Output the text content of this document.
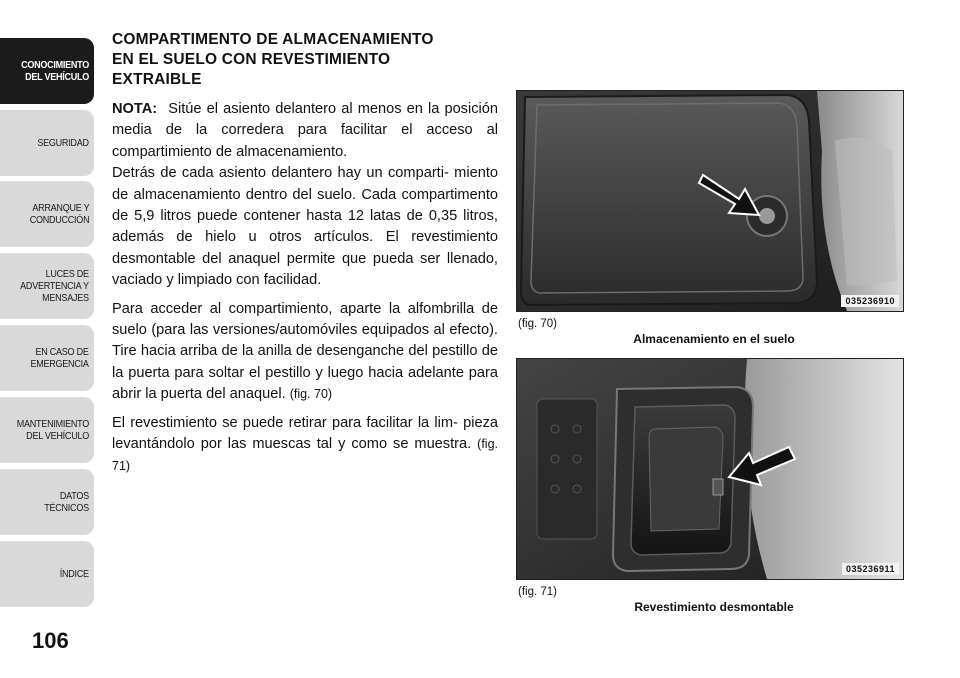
CONOCIMIENTO
DEL VEHÍCULO
SEGURIDAD
ARRANQUE Y
CONDUCCIÓN
LUCES DE
ADVERTENCIA Y
MENSAJES
EN CASO DE
EMERGENCIA
MANTENIMIENTO
DEL VEHÍCULO
DATOS
TÉCNICOS
ÍNDICE
106
COMPARTIMENTO DE ALMACENAMIENTO
EN EL SUELO CON REVESTIMIENTO
EXTRAIBLE

NOTA: Sitúe el asiento delantero al menos en la posición media de la corredera para facilitar el acceso al compartimiento de almacenamiento.

Detrás de cada asiento delantero hay un comparti- miento de almacenamiento dentro del suelo. Cada compartimento de 5,9 litros puede contener hasta 12 latas de 0,35 litros, además de hielo u otros artículos. El revestimiento desmontable del anaquel permite que pueda ser llenado, vaciado y limpiado con facilidad.

Para acceder al compartimiento, aparte la alfombrilla de suelo (para las versiones/automóviles equipados al efecto). Tire hacia arriba de la anilla de desenganche del pestillo de la puerta para soltar el pestillo y luego hacia adelante para abrir la puerta del anaquel. (fig. 70)

El revestimiento se puede retirar para facilitar la lim- pieza levantándolo por las muescas tal y como se muestra. (fig. 71)

035236910
(fig. 70)
Almacenamiento en el suelo
035236911
(fig. 71)
Revestimiento desmontable
